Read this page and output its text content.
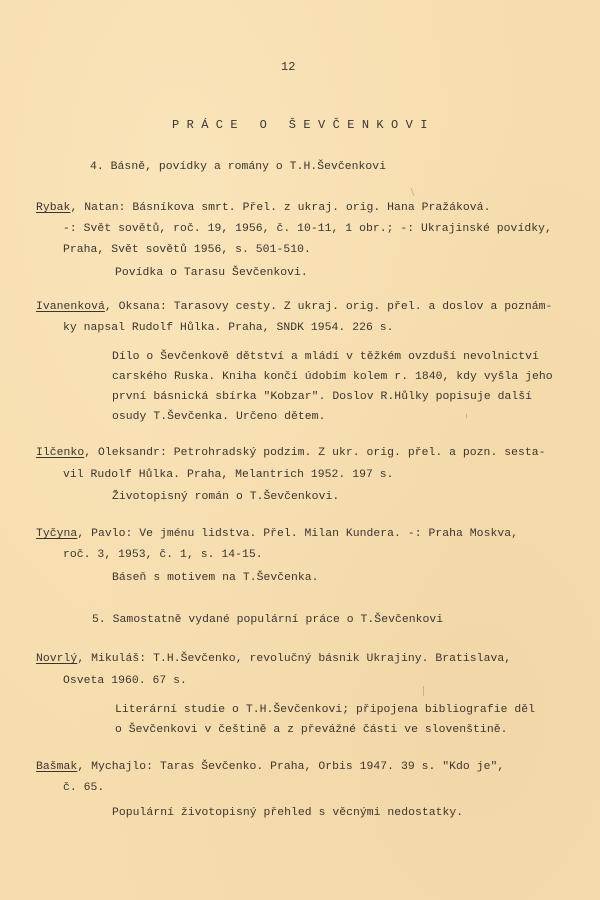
12
PRÁCE O ŠEVČENKOVI
4. Básně, povídky a romány o T.H.Ševčenkovi
Rybak, Natan: Básníkova smrt. Přel. z ukraj. orig. Hana Pražáková.
-: Svět sovětů, roč. 19, 1956, č. 10-11, 1 obr.; -: Ukrajinské povídky,
Praha, Svět sovětů 1956, s. 501-510.
Povídka o Tarasu Ševčenkovi.
Ivanenková, Oksana: Tarasovy cesty. Z ukraj. orig. přel. a doslov a poznám-
ky napsal Rudolf Hůlka. Praha, SNDK 1954. 226 s.
Dílo o Ševčenkově dětství a mládí v těžkém ovzduší nevolnictví
carského Ruska. Kniha končí údobím kolem r. 1840, kdy vyšla jeho
první básnická sbírka "Kobzar". Doslov R.Hůlky popisuje další
osudy T.Ševčenka. Určeno dětem.
Ilčenko, Oleksandr: Petrohradský podzim. Z ukr. orig. přel. a pozn. sesta-
vil Rudolf Hůlka. Praha, Melantrich 1952. 197 s.
Životopisný román o T.Ševčenkovi.
Tyčyna, Pavlo: Ve jménu lidstva. Přel. Milan Kundera. -: Praha Moskva,
roč. 3, 1953, č. 1, s. 14-15.
Báseň s motivem na T.Ševčenka.
5. Samostatně vydané populární práce o T.Ševčenkovi
Novrlý, Mikuláš: T.H.Ševčenko, revolučný básnik Ukrajiny. Bratislava,
Osveta 1960. 67 s.
Literární studie o T.H.Ševčenkovi; připojena bibliografie děl
o Ševčenkovi v češtině a z převážné části ve slovenštině.
Bašmak, Mychajlo: Taras Ševčenko. Praha, Orbis 1947. 39 s. "Kdo je",
č. 65.
Populární životopisný přehled s věcnými nedostatky.
